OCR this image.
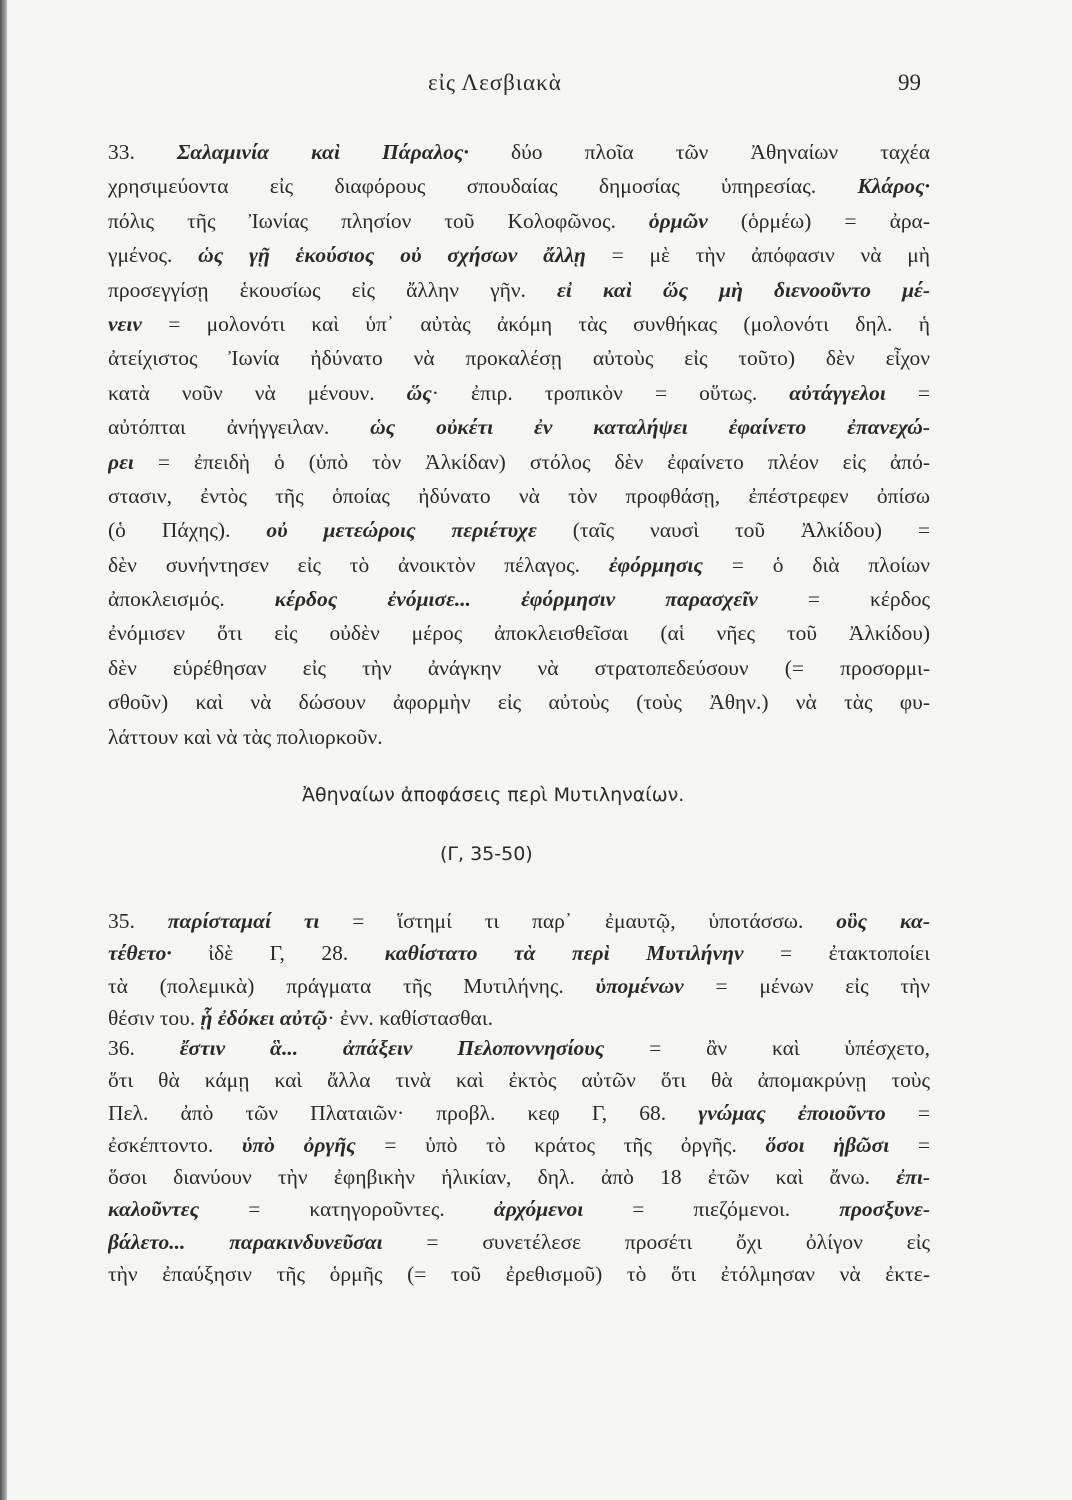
εἰς Λεσβιακὰ	99
33. Σαλαμινία καὶ Πάραλος· δύο πλοῖα τῶν Ἀθηναίων ταχέα
χρησιμεύοντα εἰς διαφόρους σπουδαίας δημοσίας ὑπηρεσίας. Κλάρος·
πόλις τῆς Ἰωνίας πλησίον τοῦ Κολοφῶνος. ὁρμῶν (ὁρμέω) = ἀρα-
γμένος. ὡς γῇ ἑκούσιος οὐ σχήσων ἄλλῃ = μὲ τὴν ἀπόφασιν νὰ μὴ
προσεγγίσῃ ἑκουσίως εἰς ἄλλην γῆν. εἰ καὶ ὥς μὴ διενοοῦντο μέ-
νειν = μολονότι καὶ ὑπ᾿ αὐτὰς ἀκόμη τὰς συνθήκας (μολονότι δηλ. ἡ
ἀτείχιστος Ἰωνία ἠδύνατο νὰ προκαλέσῃ αὐτοὺς εἰς τοῦτο) δὲν εἶχον
κατὰ νοῦν νὰ μένουν. ὥς· ἐπιρ. τροπικὸν = οὕτως. αὐτάγγελοι =
αὐτόπται ἀνήγγειλαν. ὡς οὐκέτι ἐν καταλήψει ἐφαίνετο ἐπανεχώ-
ρει = ἐπειδὴ ὁ (ὑπὸ τὸν Ἀλκίδαν) στόλος δὲν ἐφαίνετο πλέον εἰς ἀπό-
στασιν, ἐντὸς τῆς ὁποίας ἠδύνατο νὰ τὸν προφθάσῃ, ἐπέστρεφεν ὀπίσω
(ὁ Πάχης). οὐ μετεώροις περιέτυχε (ταῖς ναυσὶ τοῦ Ἀλκίδου) =
δὲν συνήντησεν εἰς τὸ ἀνοικτὸν πέλαγος. ἐφόρμησις = ὁ διὰ πλοίων
ἀποκλεισμός. κέρδος ἐνόμισε... ἐφόρμησιν παρασχεῖν = κέρδος
ἐνόμισεν ὅτι εἰς οὐδὲν μέρος ἀποκλεισθεῖσαι (αἱ νῆες τοῦ Ἀλκίδου)
δὲν εὑρέθησαν εἰς τὴν ἀνάγκην νὰ στρατοπεδεύσουν (= προσορμι-
σθοῦν) καὶ νὰ δώσουν ἀφορμὴν εἰς αὐτοὺς (τοὺς Ἀθην.) νὰ τὰς φυ-
λάττουν καὶ νὰ τὰς πολιορκοῦν.
Ἀθηναίων ἀποφάσεις περὶ Μυτιληναίων.
(Γ, 35-50)
35. παρίσταμαί τι = ἵστημί τι παρ᾿ ἐμαυτῷ, ὑποτάσσω. οὓς κα-
τέθετο· ἰδὲ Γ, 28. καθίστατο τὰ περὶ Μυτιλήνην = ἐτακτοποίει
τὰ (πολεμικὰ) πράγματα τῆς Μυτιλήνης. ὑπομένων = μένων εἰς τὴν
θέσιν του. ᾗ ἐδόκει αὐτῷ· ἐνν. καθίστασθαι.
36. ἔστιν ἃ... ἀπάξειν Πελοποννησίους = ἂν καὶ ὑπέσχετο,
ὅτι θὰ κάμῃ καὶ ἄλλα τινὰ καὶ ἐκτὸς αὐτῶν ὅτι θὰ ἀπομακρύνῃ τοὺς
Πελ. ἀπὸ τῶν Πλαταιῶν· προβλ. κεφ Γ, 68. γνώμας ἐποιοῦντο =
ἐσκέπτοντο. ὑπὸ ὀργῆς = ὑπὸ τὸ κράτος τῆς ὀργῆς. ὅσοι ἡβῶσι =
ὅσοι διανύουν τὴν ἐφηβικὴν ἡλικίαν, δηλ. ἀπὸ 18 ἐτῶν καὶ ἄνω. ἐπι-
καλοῦντες = κατηγοροῦντες. ἀρχόμενοι = πιεζόμενοι. προσξυνε-
βάλετο... παρακινδυνεῦσαι = συνετέλεσε προσέτι ὄχι ὀλίγον εἰς
τὴν ἐπαύξησιν τῆς ὁρμῆς (= τοῦ ἐρεθισμοῦ) τὸ ὅτι ἐτόλμησαν νὰ ἐκτε-
